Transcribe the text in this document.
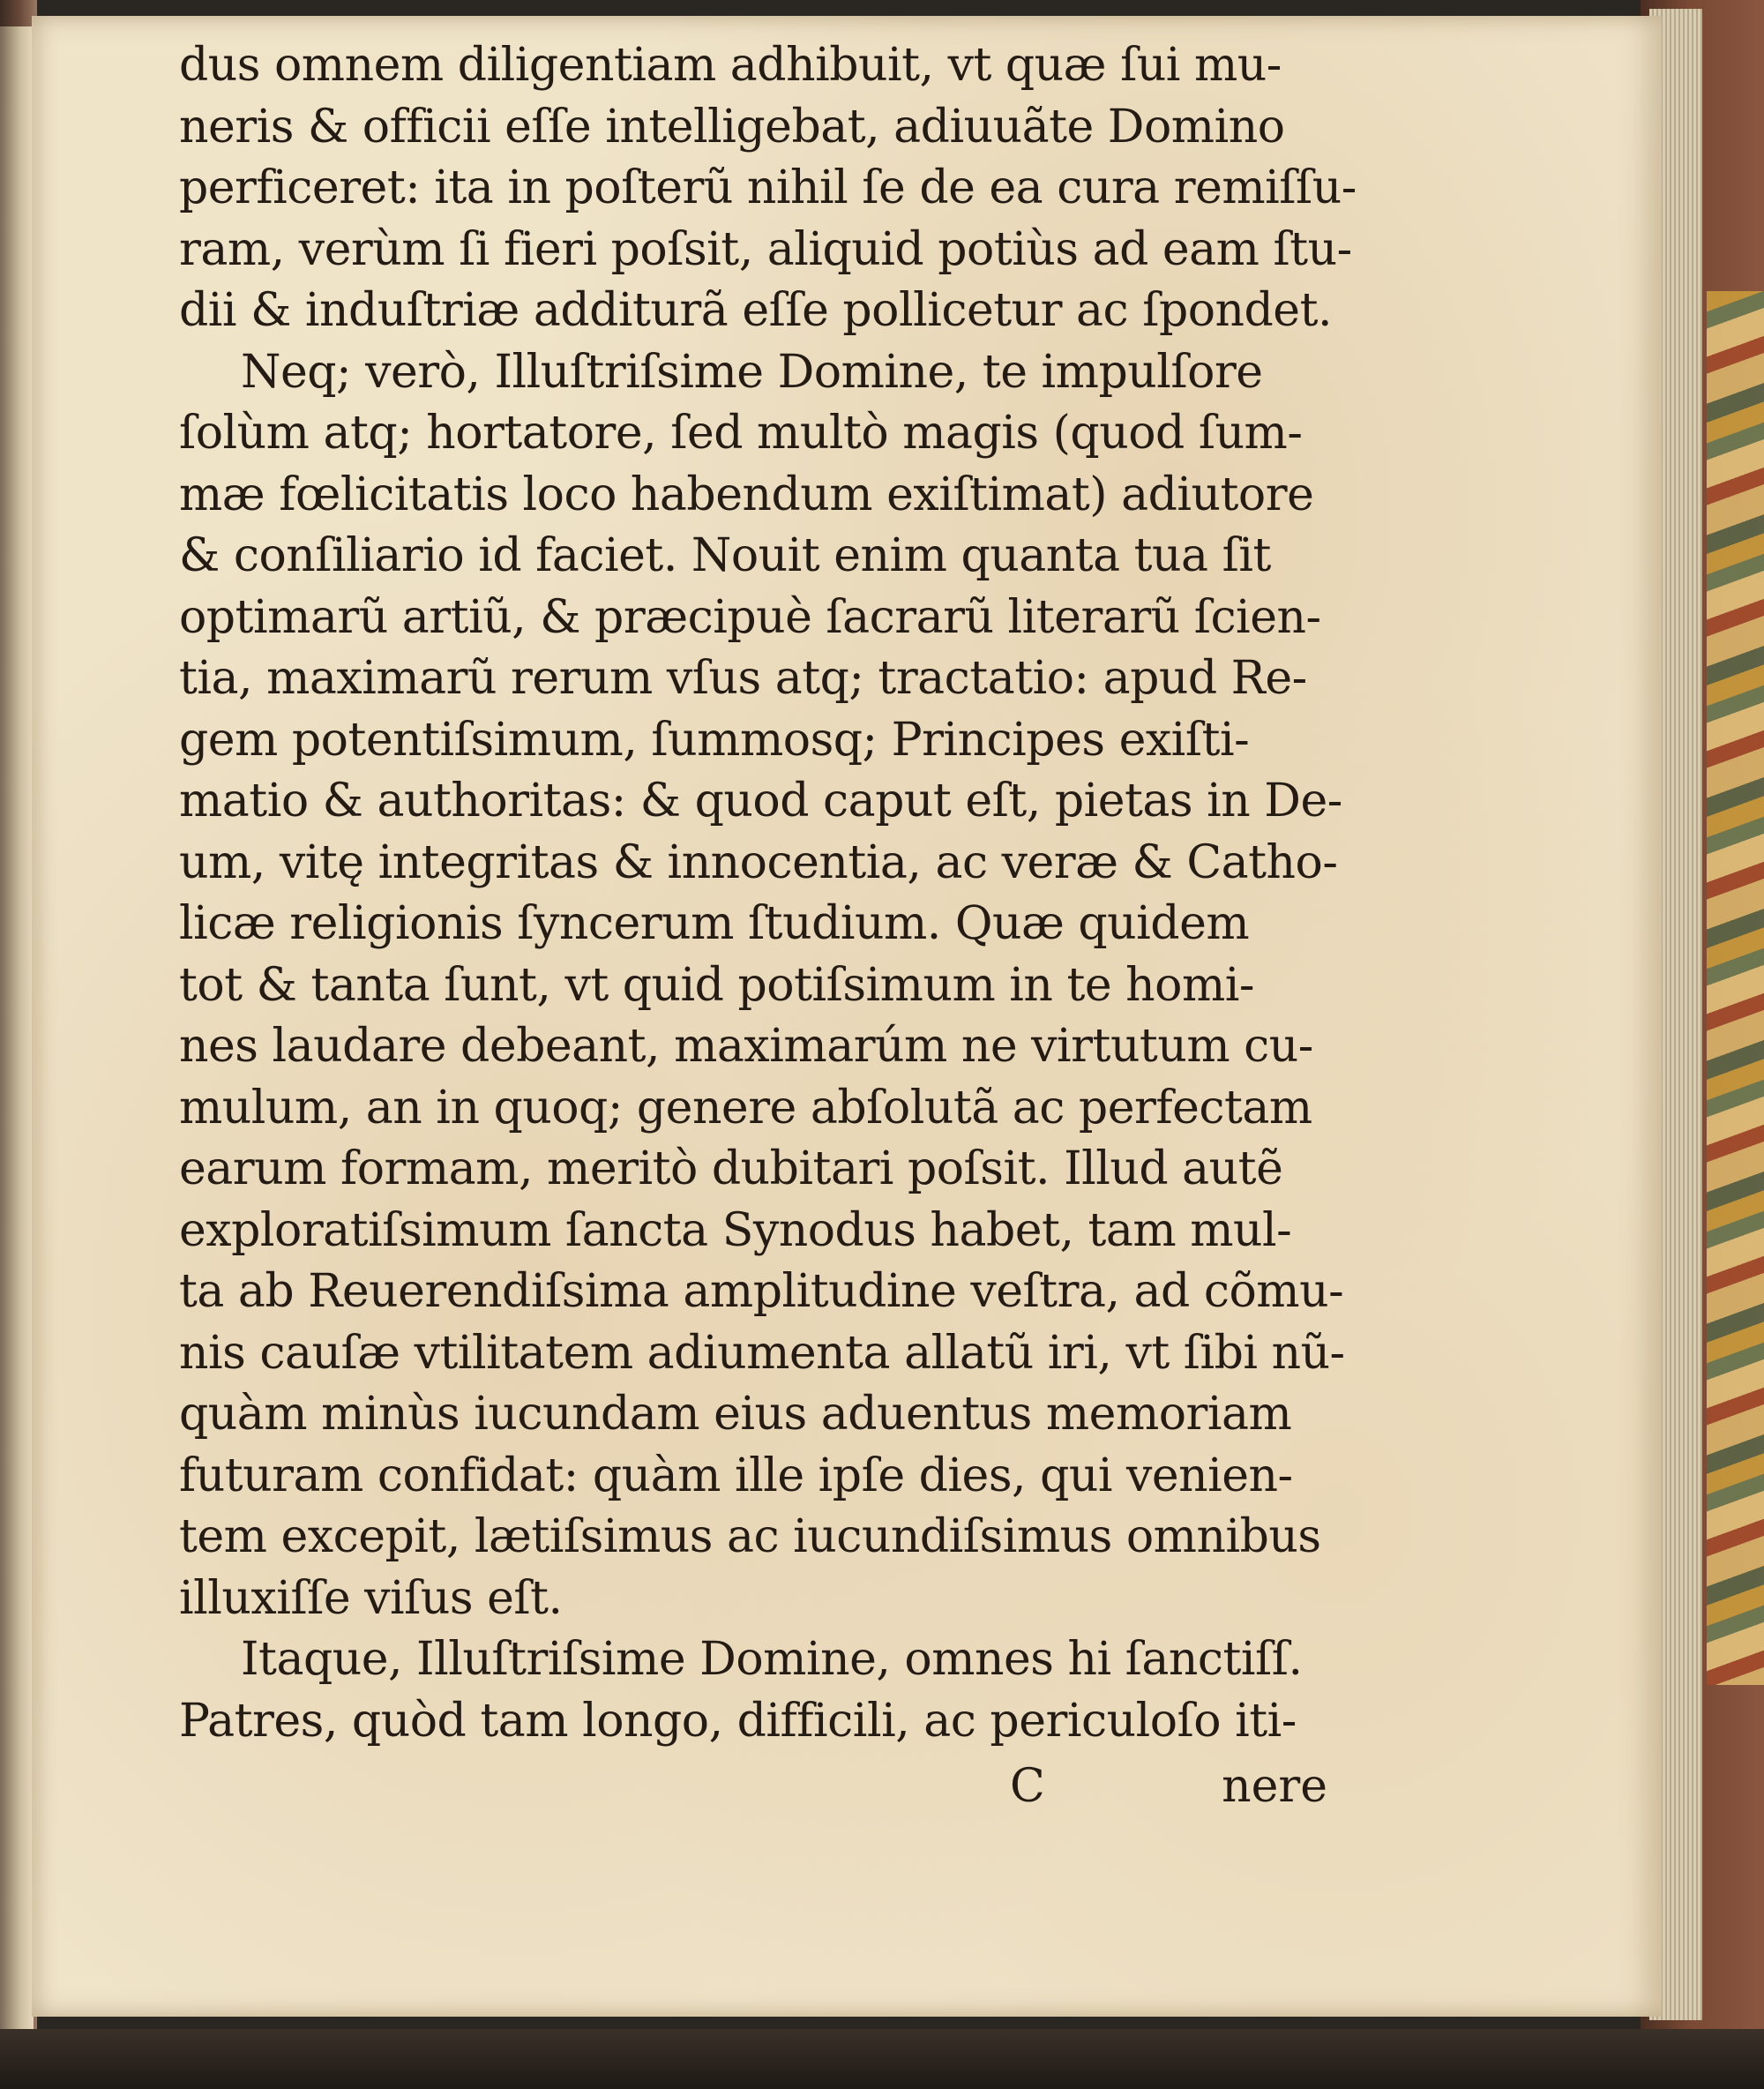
dus omnem diligentiam adhibuit, vt quæ ſui mu-
neris & officii eſſe intelligebat, adiuuãte Domino
perficeret: ita in poſterũ nihil ſe de ea cura remiſſu-
ram, verùm ſi fieri poſsit, aliquid potiùs ad eam ſtu-
dii & induſtriæ additurã eſſe pollicetur ac ſpondet.
Neq; verò, Illuſtriſsime Domine, te impulſore
ſolùm atq; hortatore, ſed multò magis (quod ſum-
mæ fœlicitatis loco habendum exiſtimat) adiutore
& conſiliario id faciet. Nouit enim quanta tua ſit
optimarũ artiũ, & præcipuè ſacrarũ literarũ ſcien-
tia, maximarũ rerum vſus atq; tractatio: apud Re-
gem potentiſsimum, ſummosq; Principes exiſti-
matio & authoritas: & quod caput eſt, pietas in De-
um, vitę integritas & innocentia, ac veræ & Catho-
licæ religionis ſyncerum ſtudium. Quæ quidem
tot & tanta ſunt, vt quid potiſsimum in te homi-
nes laudare debeant, maximarúm ne virtutum cu-
mulum, an in quoq; genere abſolutã ac perfectam
earum formam, meritò dubitari poſsit. Illud autẽ
exploratiſsimum ſancta Synodus habet, tam mul-
ta ab Reuerendiſsima amplitudine veſtra, ad cõmu-
nis cauſæ vtilitatem adiumenta allatũ iri, vt ſibi nũ-
quàm minùs iucundam eius aduentus memoriam
futuram confidat: quàm ille ipſe dies, qui venien-
tem excepit, lætiſsimus ac iucundiſsimus omnibus
illuxiſſe viſus eſt.
Itaque, Illuſtriſsime Domine, omnes hi ſanctiſſ.
Patres, quòd tam longo, difficili, ac periculoſo iti-
C	nere
